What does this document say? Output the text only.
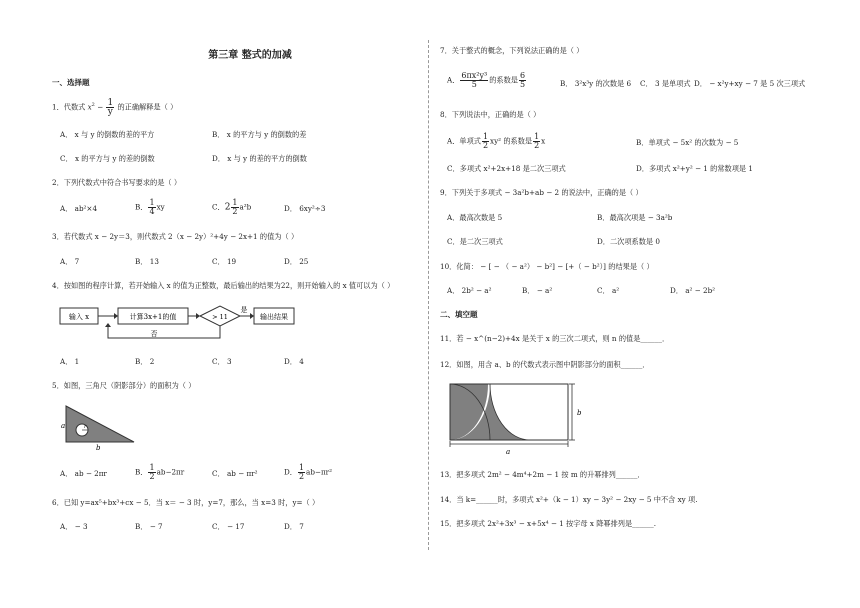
第三章 整式的加减
一、选择题
1．代数式 $x^2 - \frac{1}{y}$ 的正确解释是（ ）
A． x 与 y 的倒数的差的平方	B． x 的平方与 y 的倒数的差
C． x 的平方与 y 的差的倒数	D． x 与 y 的差的平方的倒数
2．下列代数式中符合书写要求的是（ ）
A． ab²×4	B． $\frac{1}{4}$ xy	C．$2 \frac{1}{2} a^2b$	D． 6xy²÷3
3．若代数式 x − 2y＝3，则代数式 2（x − 2y）²+4y − 2x+1 的值为（ ）
A． 7	B． 13	C． 19	D． 25
4．按如图的程序计算，若开始输入 x 的值为正整数，最后输出的结果为22，则开始输入的 x 值可以为（ ）
输入 x	计算3x+1的值	> 11
是
输出结果
否
A． 1	B． 2	C． 3	D． 4
5．如图，三角尺（阴影部分）的面积为（ ）
a	r
b
A． ab − 2πr	B． $\frac{1}{2} ab-2\pi r$	C． ab − πr²	D． $\frac{1}{2} ab-\pi r^2$
6．已知 y=ax⁵+bx³+cx − 5．当 x＝ − 3 时，y=7，那么，当 x=3 时，y=（ ）
A． − 3	B． − 7	C． − 17	D． 7
7．关于整式的概念，下列说法正确的是（ ）
A． $\frac{\text{6πx²y³}}{5}$ 的系数是 $\frac{6}{5}$	B． 3²x³y 的次数是 6 C． 3 是单项式 D． − x²y+xy − 7 是 5 次三项式
8．下列说法中，正确的是（ ）
A．单项式 $\frac{1}{2} xy^2$ 的系数是 $\frac{1}{2}$ x	B．单项式 − 5x² 的次数为 − 5
C．多项式 x²+2x+18 是二次三项式	D．多项式 x²+y² − 1 的常数项是 1
9．下列关于多项式 − 3a²b+ab − 2 的说法中，正确的是（ ）
A．最高次数是 5	B．最高次项是 − 3a²b
C．是二次三项式	D．二次项系数是 0
10．化简： − [ − （ − a²） − b²] − [+（ − b²）] 的结果是（ ）
A． 2b² − a²	B． − a²	C． a²	D． a² − 2b²
二、填空题
11．若 − x^(n−2)+4x 是关于 x 的三次二项式，则 n 的值是______．
12．如图，用含 a、b 的代数式表示图中阴影部分的面积______．
b
a
13．把多项式 2m² − 4m⁴+2m − 1 按 m 的升幂排列______．
14．当 k=______时，多项式 x²+（k − 1）xy − 3y² − 2xy − 5 中不含 xy 项.
15．把多项式 2x²+3x³ − x+5x⁴ − 1 按字母 x 降幂排列是______.
